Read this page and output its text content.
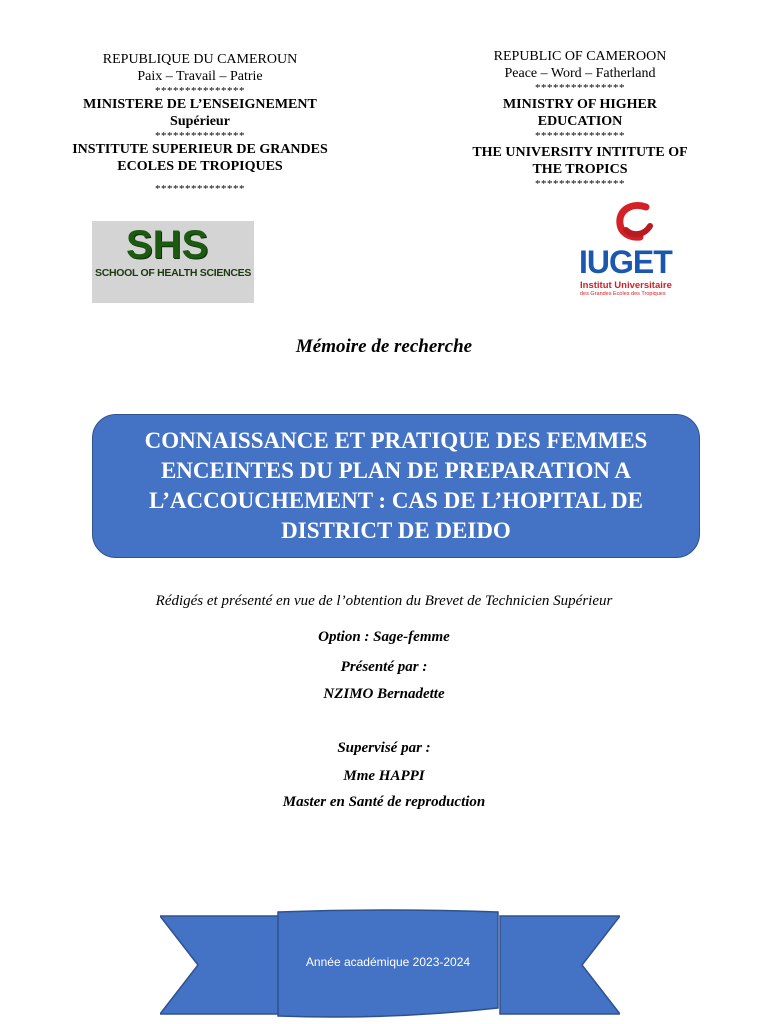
REPUBLIQUE DU CAMEROUN
Paix – Travail – Patrie
***************
MINISTERE DE L’ENSEIGNEMENT
Supérieur
***************
INSTITUTE SUPERIEUR DE GRANDES ECOLES DE TROPIQUES
***************
REPUBLIC OF CAMEROON
Peace – Word – Fatherland
***************
MINISTRY OF HIGHER EDUCATION
***************
THE UNIVERSITY INTITUTE OF THE TROPICS
***************
SHS
SCHOOL OF HEALTH SCIENCES	IUGET
Institut Universitaire
des Grandes Ecoles des Tropiques
Mémoire de recherche
CONNAISSANCE ET PRATIQUE DES FEMMES ENCEINTES DU PLAN DE PREPARATION A L’ACCOUCHEMENT : CAS DE L’HOPITAL DE DISTRICT DE DEIDO
Rédigés et présenté en vue de l’obtention du Brevet de Technicien Supérieur
Option : Sage-femme
Présenté par :
NZIMO Bernadette
Supervisé par :
Mme HAPPI
Master en Santé de reproduction
Année académique 2023-2024
